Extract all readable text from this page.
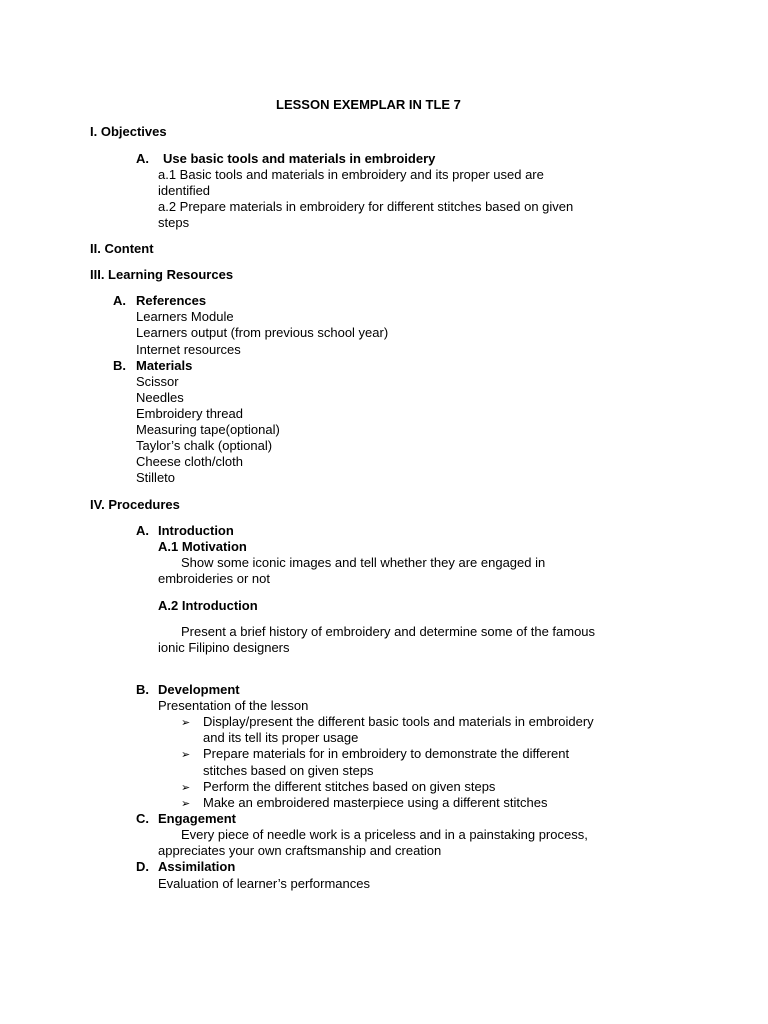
LESSON EXEMPLAR IN TLE 7
I. Objectives
A. Use basic tools and materials in embroidery
a.1 Basic tools and materials in embroidery and its proper used are
identified
a.2 Prepare materials in embroidery for different stitches based on given
steps
II. Content
III. Learning Resources
A. References
Learners Module
Learners output (from previous school year)
Internet resources
B. Materials
Scissor
Needles
Embroidery thread
Measuring tape(optional)
Taylor’s chalk (optional)
Cheese cloth/cloth
Stilleto
IV. Procedures
A. Introduction
A.1 Motivation
Show some iconic images and tell whether they are engaged in
embroideries or not
A.2 Introduction
Present a brief history of embroidery and determine some of the famous
ionic Filipino designers
B. Development
Presentation of the lesson
➢ Display/present the different basic tools and materials in embroidery
and its tell its proper usage
➢ Prepare materials for in embroidery to demonstrate the different
stitches based on given steps
➢ Perform the different stitches based on given steps
➢ Make an embroidered masterpiece using a different stitches
C. Engagement
Every piece of needle work is a priceless and in a painstaking process,
appreciates your own craftsmanship and creation
D. Assimilation
Evaluation of learner’s performances
